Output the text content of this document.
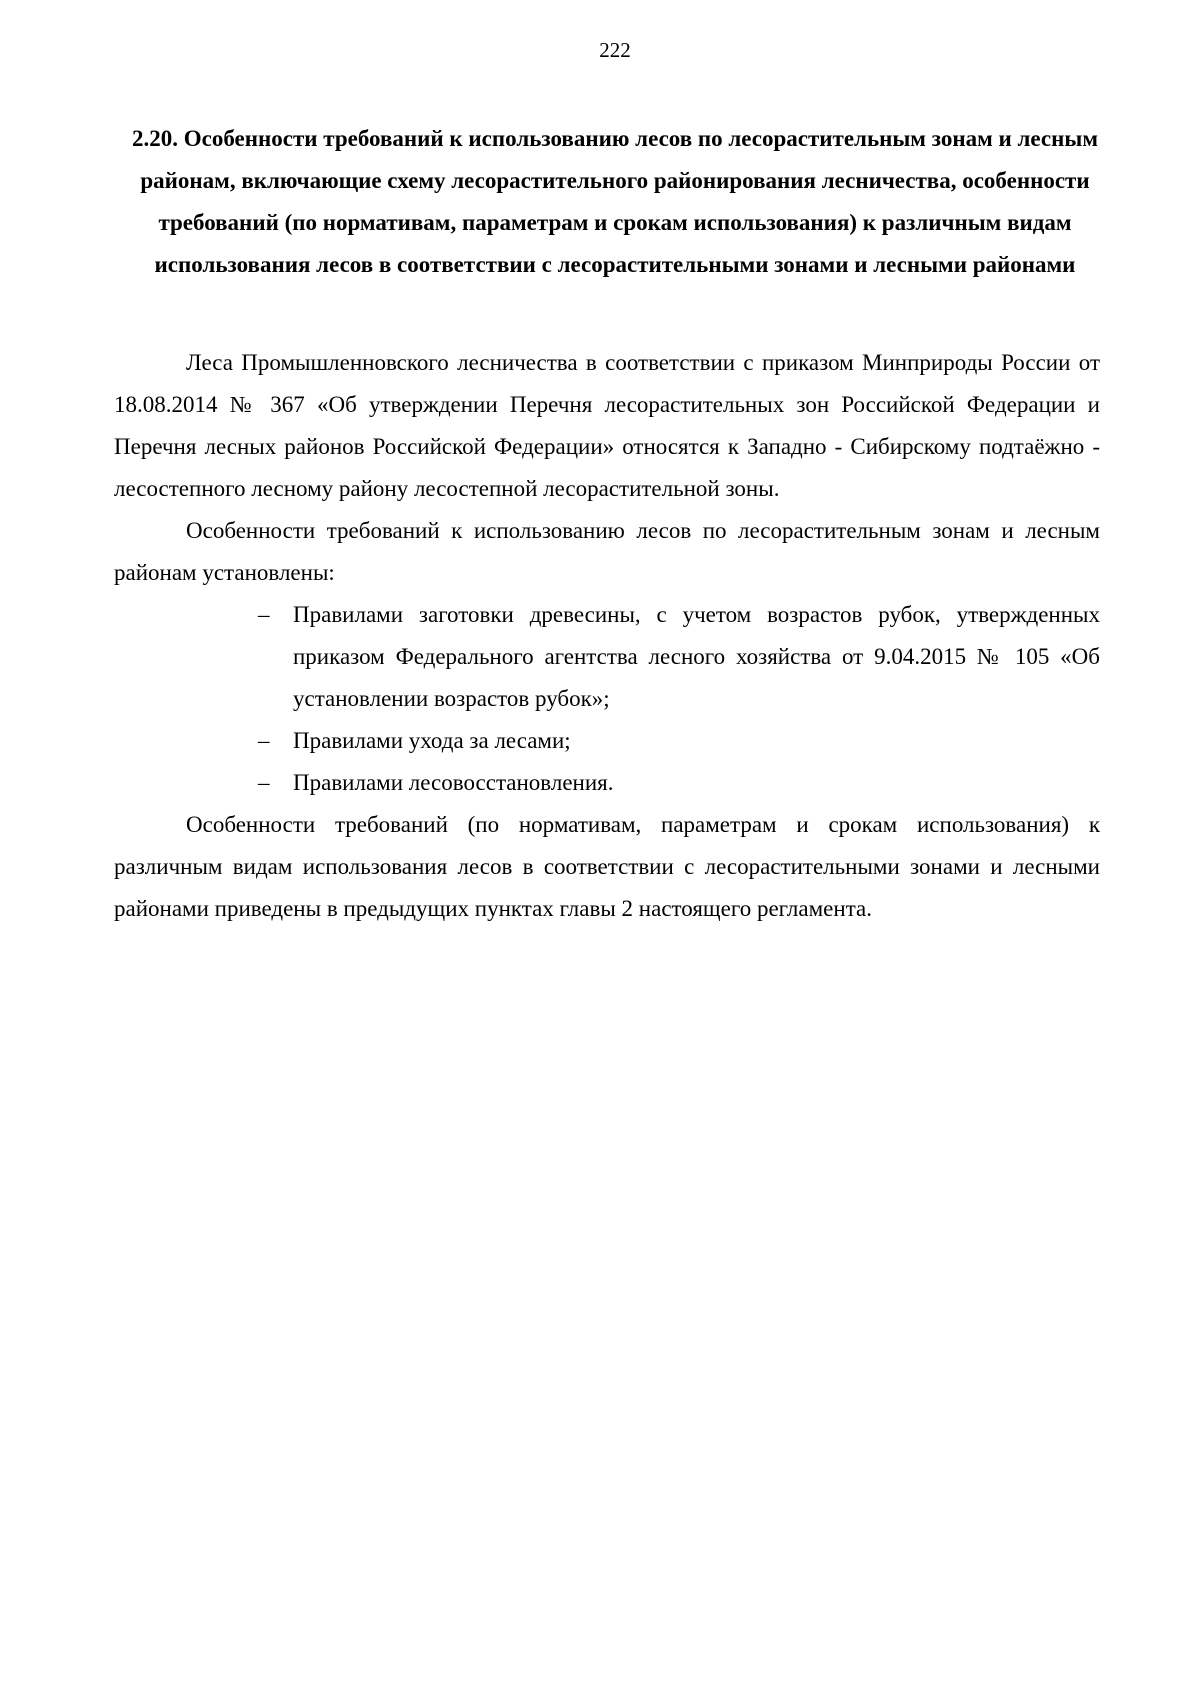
222

2.20. Особенности требований к использованию лесов по лесорастительным зонам и лесным районам, включающие схему лесорастительного районирования лесничества, особенности требований (по нормативам, параметрам и срокам использования) к различным видам использования лесов в соответствии с лесорастительными зонами и лесными районами

Леса Промышленновского лесничества в соответствии с приказом Минприроды России от 18.08.2014 № 367 «Об утверждении Перечня лесорастительных зон Российской Федерации и Перечня лесных районов Российской Федерации» относятся к Западно - Сибирскому подтаёжно - лесостепного лесному району лесостепной лесорастительной зоны.

Особенности требований к использованию лесов по лесорастительным зонам и лесным районам установлены:

– Правилами заготовки древесины, с учетом возрастов рубок, утвержденных приказом Федерального агентства лесного хозяйства от 9.04.2015 № 105 «Об установлении возрастов рубок»;
– Правилами ухода за лесами;
– Правилами лесовосстановления.

Особенности требований (по нормативам, параметрам и срокам использования) к различным видам использования лесов в соответствии с лесорастительными зонами и лесными районами приведены в предыдущих пунктах главы 2 настоящего регламента.
